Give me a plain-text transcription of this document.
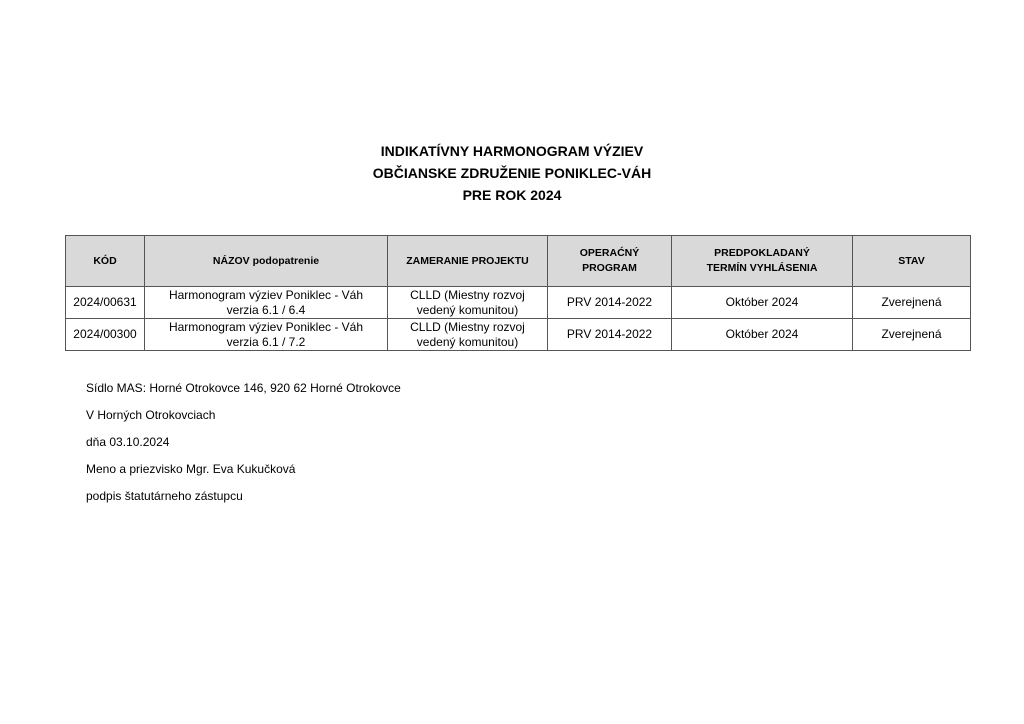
INDIKATÍVNY HARMONOGRAM VÝZIEV
OBČIANSKE ZDRUŽENIE PONIKLEC-VÁH
PRE ROK 2024
KÓD	NÁZOV podopatrenie	ZAMERANIE PROJEKTU	OPERAĆNÝ
PROGRAM	PREDPOKLADANÝ
TERMÍN VYHLÁSENIA	STAV
2024/00631	Harmonogram výziev Poniklec - Váh
verzia 6.1 / 6.4	CLLD (Miestny rozvoj
vedený komunitou)	PRV 2014-2022	Október 2024	Zverejnená
2024/00300	Harmonogram výziev Poniklec - Váh
verzia 6.1 / 7.2	CLLD (Miestny rozvoj
vedený komunitou)	PRV 2014-2022	Október 2024	Zverejnená
Sídlo MAS: Horné Otrokovce 146, 920 62 Horné Otrokovce
V Horných Otrokovciach
dňa 03.10.2024
Meno a priezvisko Mgr. Eva Kukučková
podpis štatutárneho zástupcu
